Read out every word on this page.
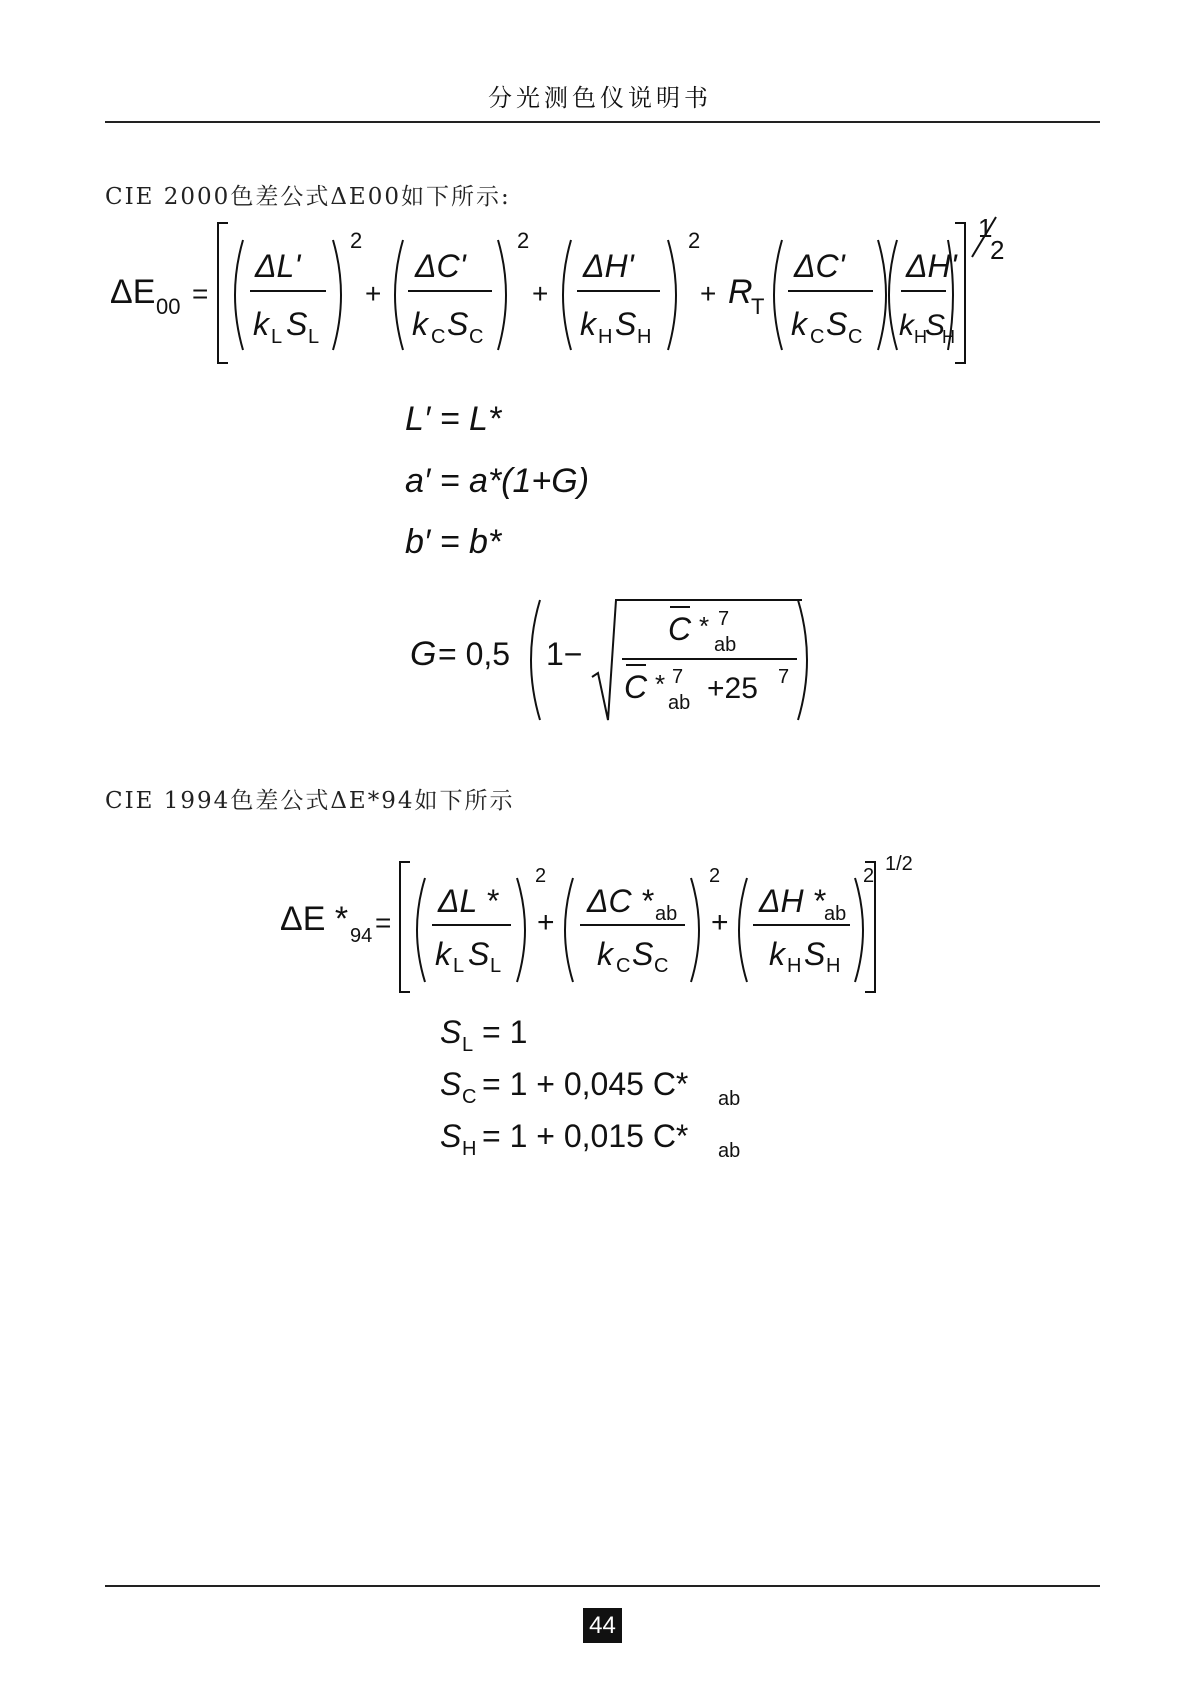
分光测色仪说明书
CIE 2000色差公式ΔE00如下所示:
ΔE 00 =
1
2
ΔL'
k L S L
2
+
ΔC'
k C S C
2
+
ΔH'
k H S H
2
+ R
T
ΔC'
k C S C
ΔH'
k H
S
H
L′ = L*
a′ = a*(1+G)
b′ = b*
G = 0,5 1−
C * 7
ab
C * 7
ab +25 7
CIE 1994色差公式ΔE*94如下所示
ΔE * 94 =
1/2
ΔL *
k L S L
2
+
ΔC * ab
k C S C
2
+
ΔH * ab
k H S H
2
S L = 1
S C = 1 + 0,045 C* ab
S H = 1 + 0,015 C* ab
44
